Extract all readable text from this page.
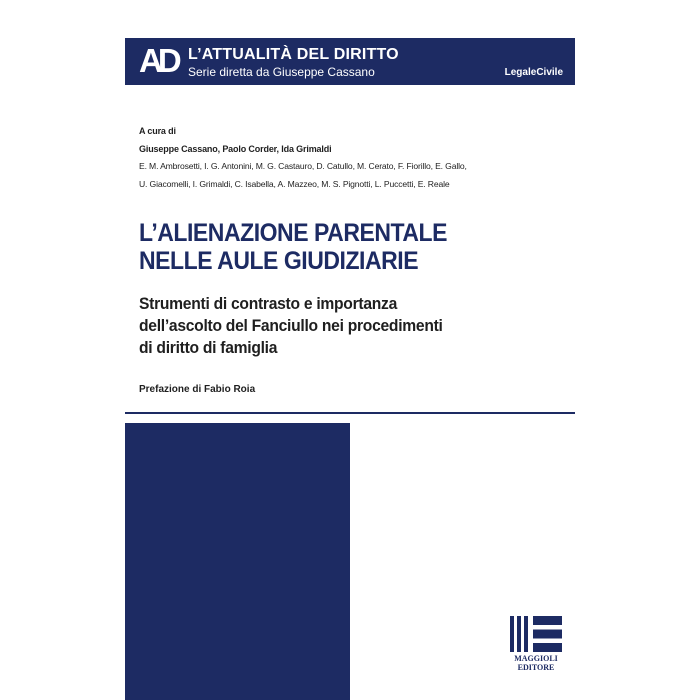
AD L’ATTUALITÀ DEL DIRITTO
Serie diretta da Giuseppe Cassano	LegaleCivile
A cura di
Giuseppe Cassano, Paolo Corder, Ida Grimaldi
E. M. Ambrosetti, I. G. Antonini, M. G. Castauro, D. Catullo, M. Cerato, F. Fiorillo, E. Gallo,
U. Giacomelli, I. Grimaldi, C. Isabella, A. Mazzeo, M. S. Pignotti, L. Puccetti, E. Reale
L’ALIENAZIONE PARENTALE
NELLE AULE GIUDIZIARIE
Strumenti di contrasto e importanza
dell’ascolto del Fanciullo nei procedimenti
di diritto di famiglia
Prefazione di Fabio Roia
MAGGIOLI
EDITORE
